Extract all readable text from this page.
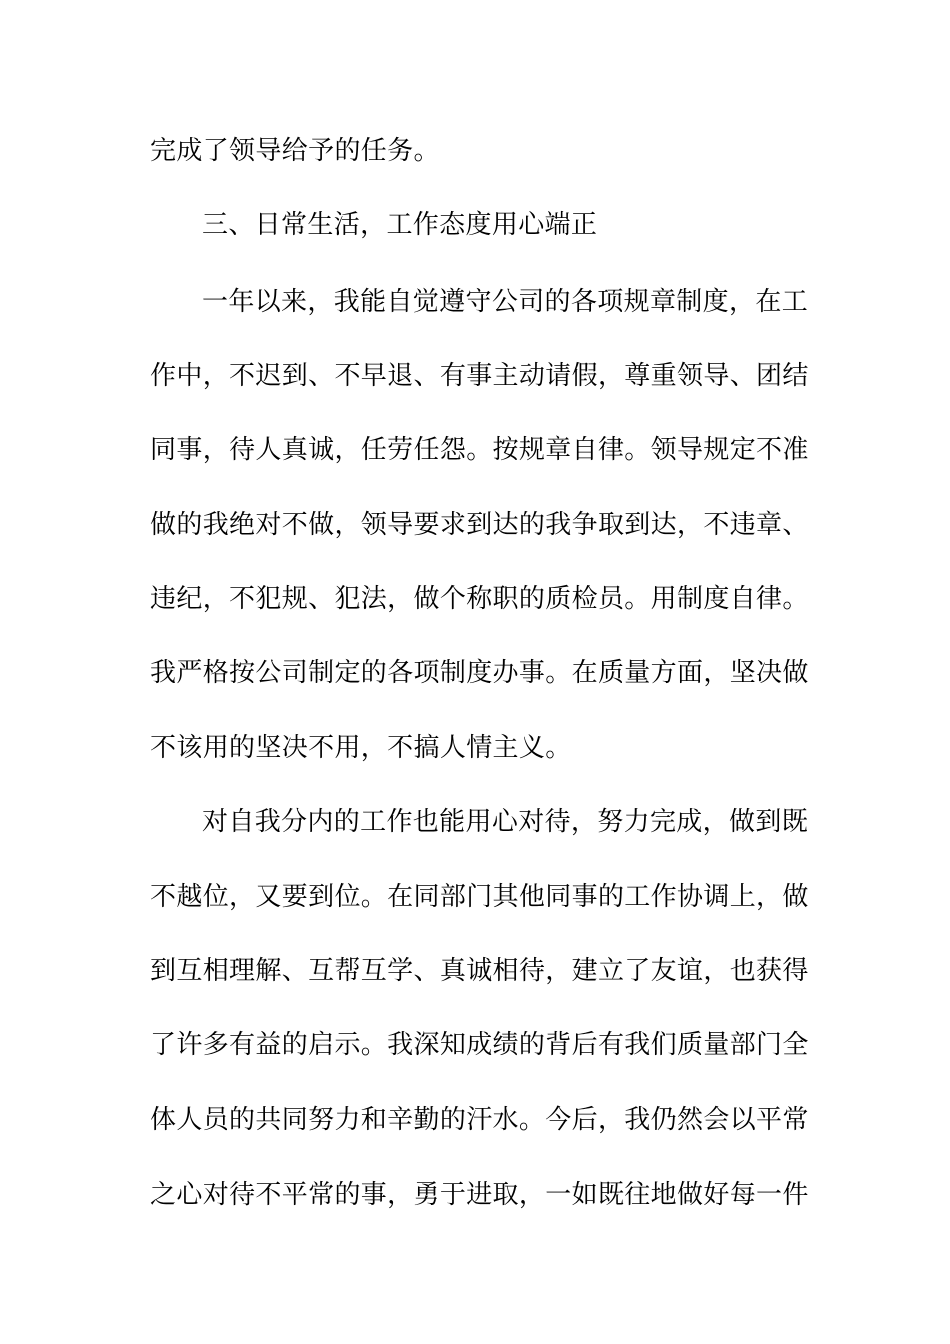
完成了领导给予的任务。
三、日常生活，工作态度用心端正
一年以来，我能自觉遵守公司的各项规章制度，在工
作中，不迟到、不早退、有事主动请假，尊重领导、团结
同事，待人真诚，任劳任怨。按规章自律。领导规定不准
做的我绝对不做，领导要求到达的我争取到达，不违章、
违纪，不犯规、犯法，做个称职的质检员。用制度自律。
我严格按公司制定的各项制度办事。在质量方面，坚决做
不该用的坚决不用，不搞人情主义。
对自我分内的工作也能用心对待，努力完成，做到既
不越位，又要到位。在同部门其他同事的工作协调上，做
到互相理解、互帮互学、真诚相待，建立了友谊，也获得
了许多有益的启示。我深知成绩的背后有我们质量部门全
体人员的共同努力和辛勤的汗水。今后，我仍然会以平常
之心对待不平常的事，勇于进取，一如既往地做好每一件
